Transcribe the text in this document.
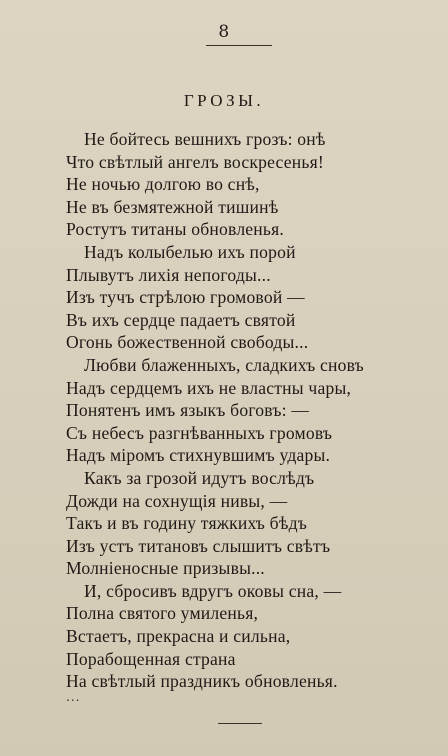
8
ГРОЗЫ.
Не бойтесь вешнихъ грозъ: онѣ
Что свѣтлый ангелъ воскресенья!
Не ночью долгою во снѣ,
Не въ безмятежной тишинѣ
Ростутъ титаны обновленья.
Надъ колыбелью ихъ порой
Плывутъ лихія непогоды...
Изъ тучъ стрѣлою громовой —
Въ ихъ сердце падаетъ святой
Огонь божественной свободы...
Любви блаженныхъ, сладкихъ сновъ
Надъ сердцемъ ихъ не властны чары,
Понятенъ имъ языкъ боговъ: —
Съ небесъ разгнѣванныхъ громовъ
Надъ міромъ стихнувшимъ удары.
Какъ за грозой идутъ вослѣдъ
Дожди на сохнущія нивы, —
Такъ и въ годину тяжкихъ бѣдъ
Изъ устъ титановъ слышитъ свѣтъ
Молніеносные призывы...
И, сбросивъ вдругъ оковы сна, —
Полна святого умиленья,
Встаетъ, прекрасна и сильна,
Порабощенная страна
На свѣтлый праздникъ обновленья.
...
